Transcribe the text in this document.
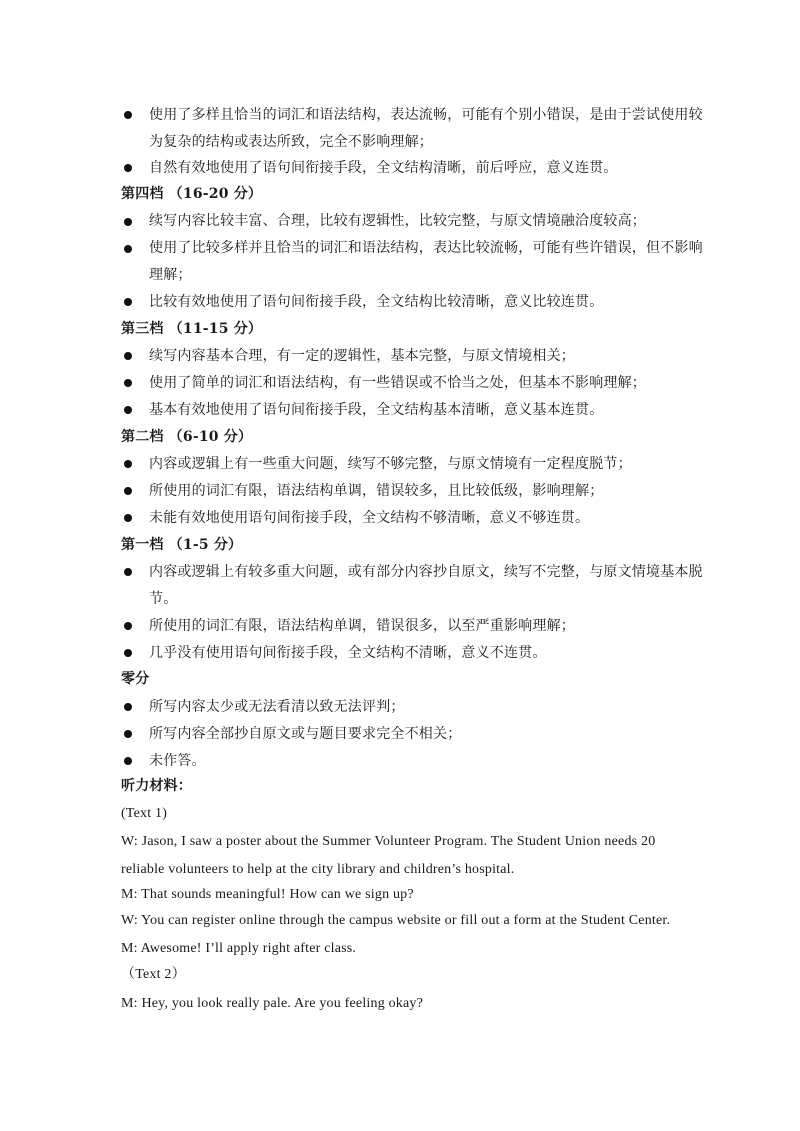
使用了多样且恰当的词汇和语法结构，表达流畅，可能有个别小错误，是由于尝试使用较
为复杂的结构或表达所致，完全不影响理解；
自然有效地使用了语句间衔接手段，全文结构清晰，前后呼应，意义连贯。
第四档 （16-20 分）
续写内容比较丰富、合理，比较有逻辑性，比较完整，与原文情境融洽度较高；
使用了比较多样并且恰当的词汇和语法结构，表达比较流畅，可能有些许错误，但不影响
理解；
比较有效地使用了语句间衔接手段，全文结构比较清晰，意义比较连贯。
第三档 （11-15 分）
续写内容基本合理，有一定的逻辑性，基本完整，与原文情境相关；
使用了简单的词汇和语法结构，有一些错误或不恰当之处，但基本不影响理解；
基本有效地使用了语句间衔接手段，全文结构基本清晰，意义基本连贯。
第二档 （6-10 分）
内容或逻辑上有一些重大问题，续写不够完整，与原文情境有一定程度脱节；
所使用的词汇有限，语法结构单调，错误较多，且比较低级，影响理解；
未能有效地使用语句间衔接手段，全文结构不够清晰，意义不够连贯。
第一档 （1-5 分）
内容或逻辑上有较多重大问题，或有部分内容抄自原文，续写不完整，与原文情境基本脱
节。
所使用的词汇有限，语法结构单调，错误很多，以至严重影响理解；
几乎没有使用语句间衔接手段，全文结构不清晰，意义不连贯。
零分
所写内容太少或无法看清以致无法评判；
所写内容全部抄自原文或与题目要求完全不相关；
未作答。
听力材料：
(Text 1)
W: Jason, I saw a poster about the Summer Volunteer Program. The Student Union needs 20
reliable volunteers to help at the city library and children’s hospital.
M: That sounds meaningful! How can we sign up?
W: You can register online through the campus website or fill out a form at the Student Center.
M: Awesome! I’ll apply right after class.
（Text 2）
M: Hey, you look really pale. Are you feeling okay?
